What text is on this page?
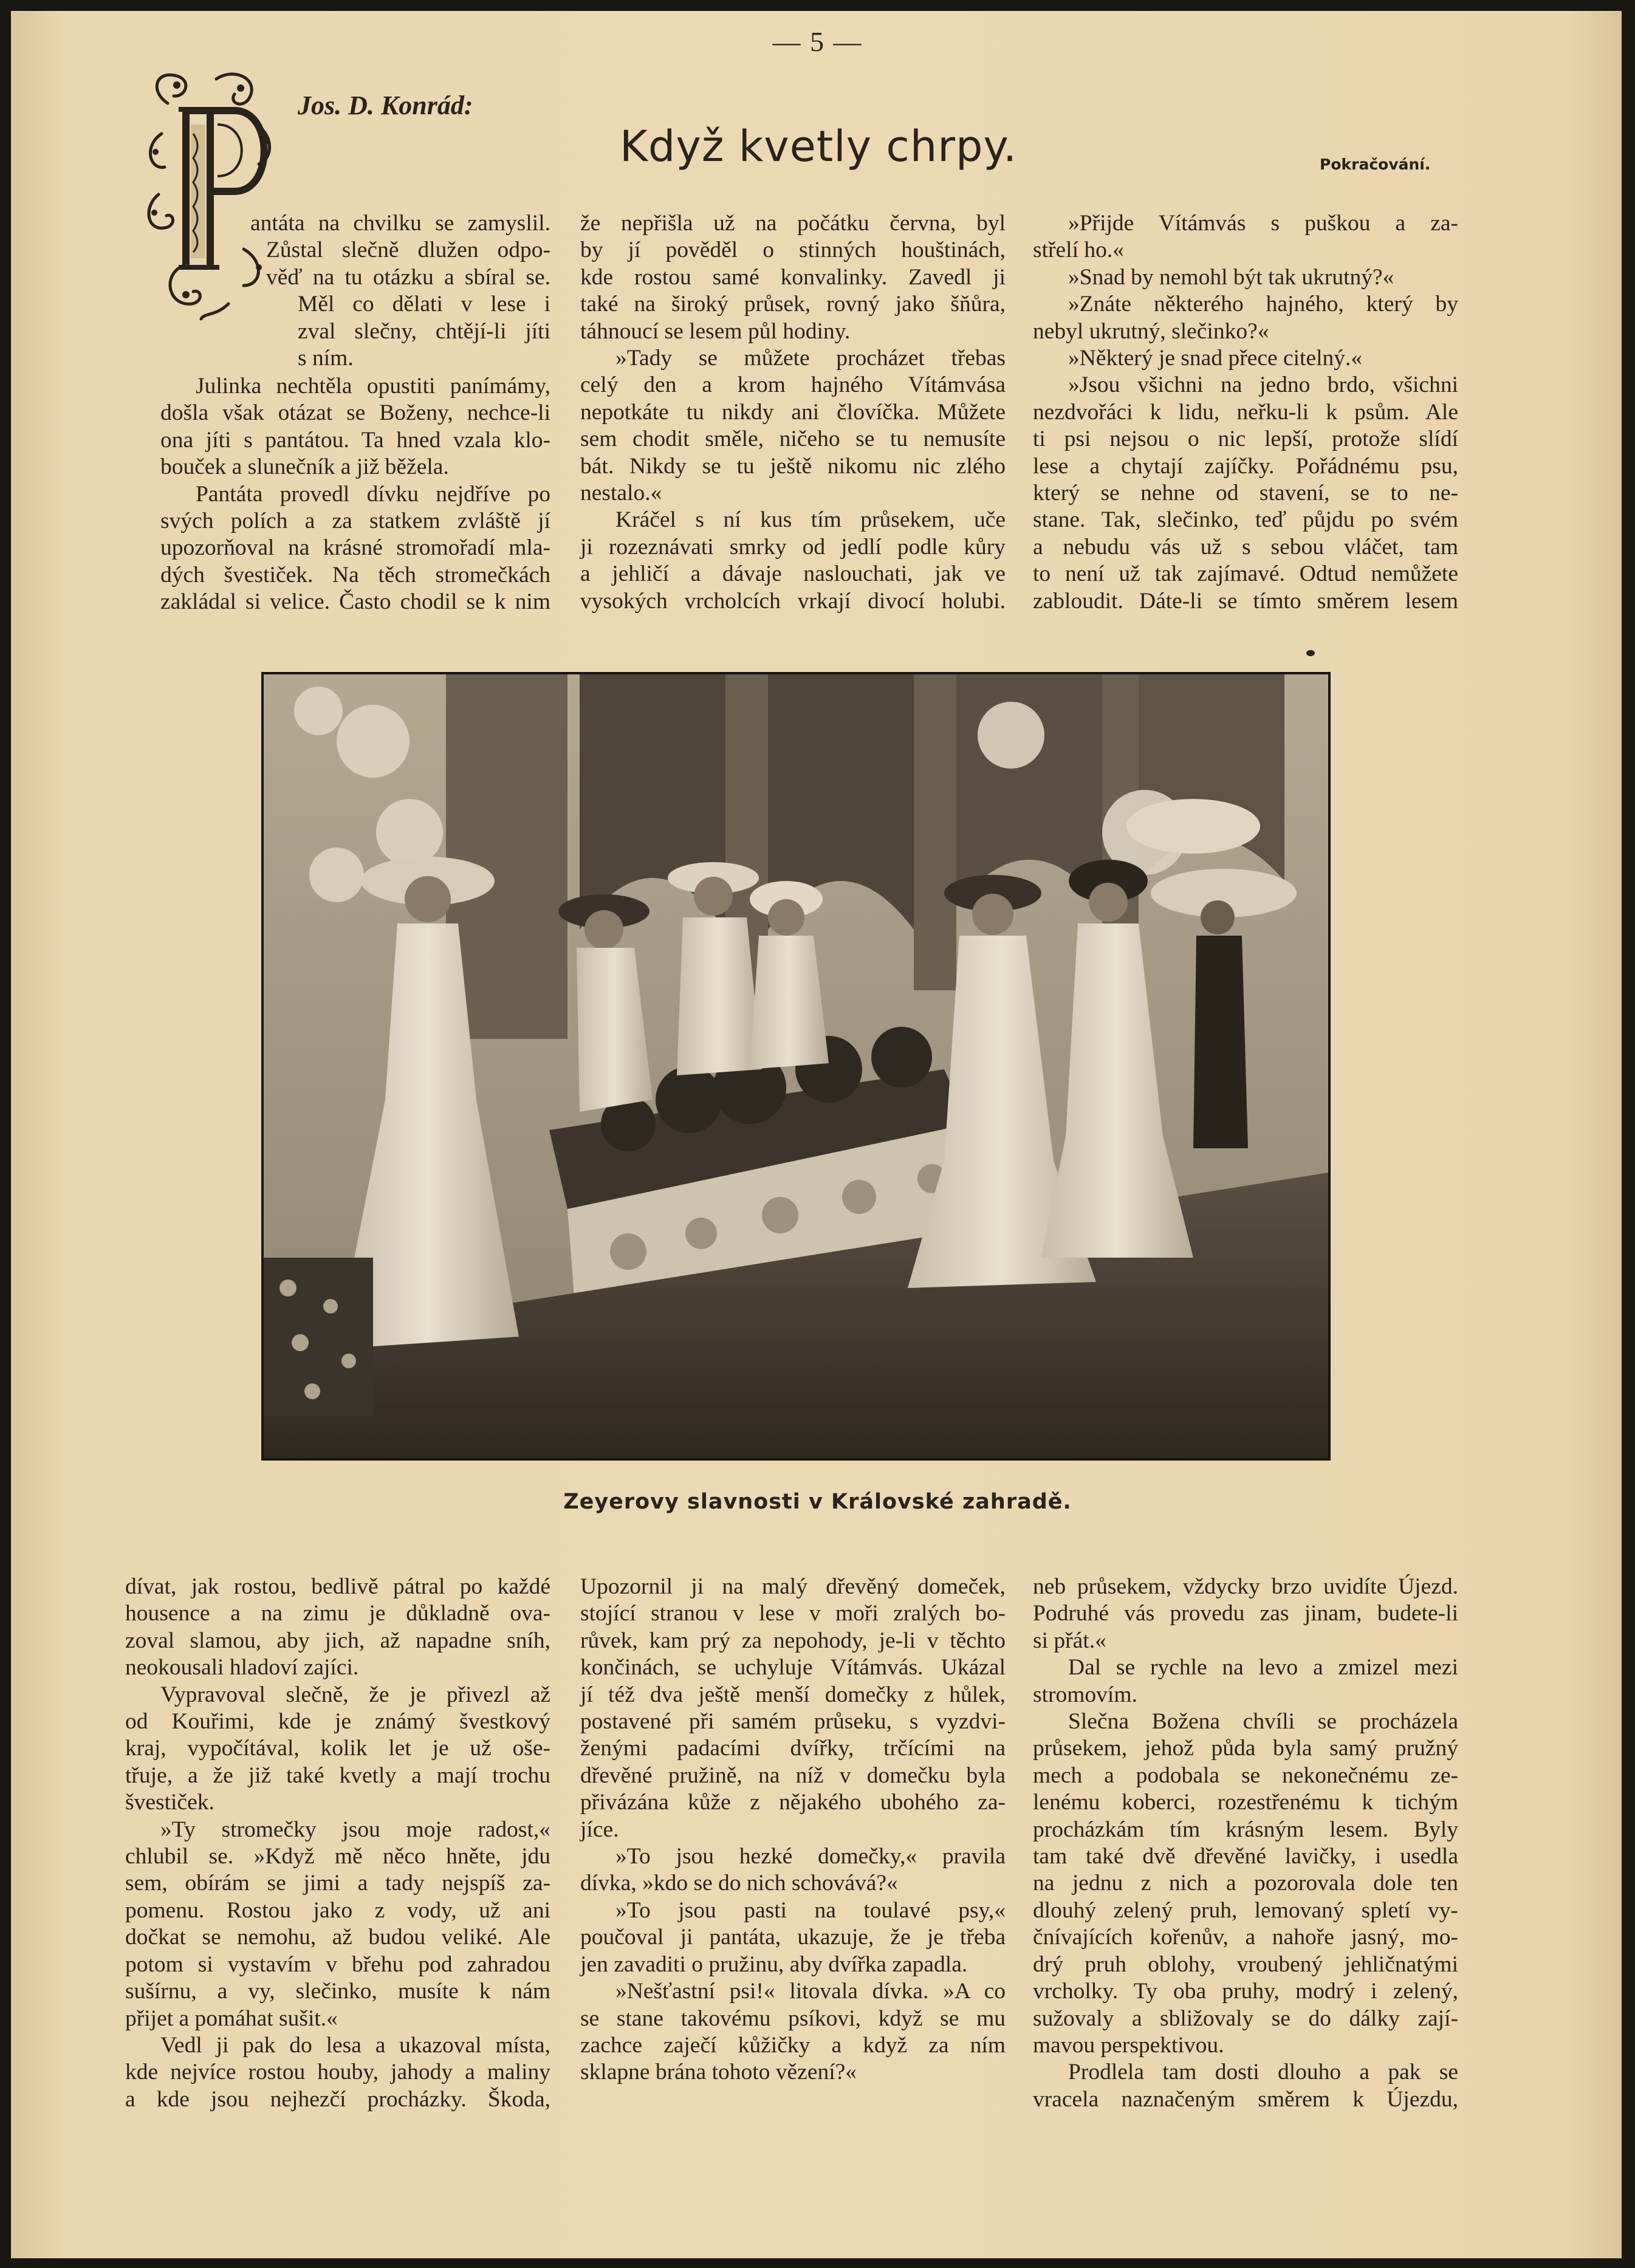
— 5 —
Jos. D. Konrád:
Když kvetly chrpy.	Pokračování.
antáta na chvilku se zamyslil.
Zůstal slečně dlužen odpo-
věď na tu otázku a sbíral se.
Měl co dělati v lese i
zval slečny, chtějí-li jíti
s ním.

Julinka nechtěla opustiti panímámy,
došla však otázat se Boženy, nechce-li
ona jíti s pantátou. Ta hned vzala klo-
bouček a slunečník a již běžela.

Pantáta provedl dívku nejdříve po
svých polích a za statkem zvláště jí
upozorňoval na krásné stromořadí mla-
dých švestiček. Na těch stromečkách
zakládal si velice. Často chodil se k nim

že nepřišla už na počátku června, byl
by jí pověděl o stinných houštinách,
kde rostou samé konvalinky. Zavedl ji
také na široký průsek, rovný jako šňůra,
táhnoucí se lesem půl hodiny.
»Tady se můžete procházet třebas
celý den a krom hajného Vítámvása
nepotkáte tu nikdy ani človíčka. Můžete
sem chodit směle, ničeho se tu nemusíte
bát. Nikdy se tu ještě nikomu nic zlého
nestalo.«
Kráčel s ní kus tím průsekem, uče
ji rozeznávati smrky od jedlí podle kůry
a jehličí a dávaje naslouchati, jak ve
vysokých vrcholcích vrkají divocí holubi.
»Přijde Vítámvás s puškou a za-
střelí ho.«
»Snad by nemohl být tak ukrutný?«
»Znáte některého hajného, který by
nebyl ukrutný, slečinko?«
»Některý je snad přece citelný.«
»Jsou všichni na jedno brdo, všichni
nezdvořáci k lidu, neřku-li k psům. Ale
ti psi nejsou o nic lepší, protože slídí
lese a chytají zajíčky. Pořádnému psu,
který se nehne od stavení, se to ne-
stane. Tak, slečinko, teď půjdu po svém
a nebudu vás už s sebou vláčet, tam
to není už tak zajímavé. Odtud nemůžete
zabloudit. Dáte-li se tímto směrem lesem
Zeyerovy slavnosti v Královské zahradě.
dívat, jak rostou, bedlivě pátral po každé
housence a na zimu je důkladně ova-
zoval slamou, aby jich, až napadne sníh,
neokousali hladoví zajíci.
Vypravoval slečně, že je přivezl až
od Kouřimi, kde je známý švestkový
kraj, vypočítával, kolik let je už oše-
třuje, a že již také kvetly a mají trochu
švestiček.
»Ty stromečky jsou moje radost,«
chlubil se. »Když mě něco hněte, jdu
sem, obírám se jimi a tady nejspíš za-
pomenu. Rostou jako z vody, už ani
dočkat se nemohu, až budou veliké. Ale
potom si vystavím v břehu pod zahradou
sušírnu, a vy, slečinko, musíte k nám
přijet a pomáhat sušit.«
Vedl ji pak do lesa a ukazoval místa,
kde nejvíce rostou houby, jahody a maliny
a kde jsou nejhezčí procházky. Škoda,
Upozornil ji na malý dřevěný domeček,
stojící stranou v lese v moři zralých bo-
růvek, kam prý za nepohody, je-li v těchto
končinách, se uchyluje Vítámvás. Ukázal
jí též dva ještě menší domečky z hůlek,
postavené při samém průseku, s vyzdvi-
ženými padacími dvířky, trčícími na
dřevěné pružině, na níž v domečku byla
přivázána kůže z nějakého ubohého za-
jíce.
»To jsou hezké domečky,« pravila
dívka, »kdo se do nich schovává?«
»To jsou pasti na toulavé psy,«
poučoval ji pantáta, ukazuje, že je třeba
jen zavaditi o pružinu, aby dvířka zapadla.
»Nešťastní psi!« litovala dívka. »A co
se stane takovému psíkovi, když se mu
zachce zaječí kůžičky a když za ním
sklapne brána tohoto vězení?«
neb průsekem, vždycky brzo uvidíte Újezd.
Podruhé vás provedu zas jinam, budete-li
si přát.«
Dal se rychle na levo a zmizel mezi
stromovím.
Slečna Božena chvíli se procházela
průsekem, jehož půda byla samý pružný
mech a podobala se nekonečnému ze-
lenému koberci, rozestřenému k tichým
procházkám tím krásným lesem. Byly
tam také dvě dřevěné lavičky, i usedla
na jednu z nich a pozorovala dole ten
dlouhý zelený pruh, lemovaný spletí vy-
čnívajících kořenův, a nahoře jasný, mo-
drý pruh oblohy, vroubený jehličnatými
vrcholky. Ty oba pruhy, modrý i zelený,
sužovaly a sbližovaly se do dálky zají-
mavou perspektivou.
Prodlela tam dosti dlouho a pak se
vracela naznačeným směrem k Újezdu,
